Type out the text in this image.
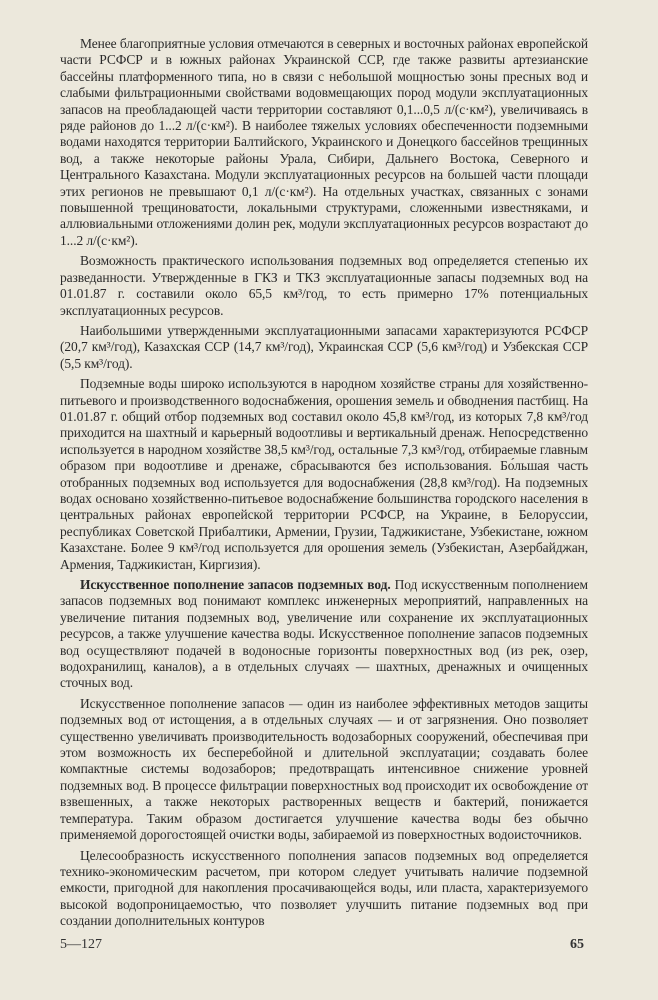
Менее благоприятные условия отмечаются в северных и восточных районах европейской части РСФСР и в южных районах Украинской ССР, где также развиты артезианские бассейны платформенного типа, но в связи с небольшой мощностью зоны пресных вод и слабыми фильтрационными свойствами водовмещающих пород модули эксплуатационных запасов на преобладающей части территории составляют 0,1...0,5 л/(с·км²), увеличиваясь в ряде районов до 1...2 л/(с·км²). В наиболее тяжелых условиях обеспеченности подземными водами находятся территории Балтийского, Украинского и Донецкого бассейнов трещинных вод, а также некоторые районы Урала, Сибири, Дальнего Востока, Северного и Центрального Казахстана. Модули эксплуатационных ресурсов на большей части площади этих регионов не превышают 0,1 л/(с·км²). На отдельных участках, связанных с зонами повышенной трещиноватости, локальными структурами, сложенными известняками, и аллювиальными отложениями долин рек, модули эксплуатационных ресурсов возрастают до 1...2 л/(с·км²).

Возможность практического использования подземных вод определяется степенью их разведанности. Утвержденные в ГКЗ и ТКЗ эксплуатационные запасы подземных вод на 01.01.87 г. составили около 65,5 км³/год, то есть примерно 17% потенциальных эксплуатационных ресурсов.

Наибольшими утвержденными эксплуатационными запасами характеризуются РСФСР (20,7 км³/год), Казахская ССР (14,7 км³/год), Украинская ССР (5,6 км³/год) и Узбекская ССР (5,5 км³/год).

Подземные воды широко используются в народном хозяйстве страны для хозяйственно-питьевого и производственного водоснабжения, орошения земель и обводнения пастбищ. На 01.01.87 г. общий отбор подземных вод составил около 45,8 км³/год, из которых 7,8 км³/год приходится на шахтный и карьерный водоотливы и вертикальный дренаж. Непосредственно используется в народном хозяйстве 38,5 км³/год, остальные 7,3 км³/год, отбираемые главным образом при водоотливе и дренаже, сбрасываются без использования. Бо́льшая часть отобранных подземных вод используется для водоснабжения (28,8 км³/год). На подземных водах основано хозяйственно-питьевое водоснабжение большинства городского населения в центральных районах европейской территории РСФСР, на Украине, в Белоруссии, республиках Советской Прибалтики, Армении, Грузии, Таджикистане, Узбекистане, южном Казахстане. Более 9 км³/год используется для орошения земель (Узбекистан, Азербайджан, Армения, Таджикистан, Киргизия).

Искусственное пополнение запасов подземных вод. Под искусственным пополнением запасов подземных вод понимают комплекс инженерных мероприятий, направленных на увеличение питания подземных вод, увеличение или сохранение их эксплуатационных ресурсов, а также улучшение качества воды. Искусственное пополнение запасов подземных вод осуществляют подачей в водоносные горизонты поверхностных вод (из рек, озер, водохранилищ, каналов), а в отдельных случаях — шахтных, дренажных и очищенных сточных вод.

Искусственное пополнение запасов — один из наиболее эффективных методов защиты подземных вод от истощения, а в отдельных случаях — и от загрязнения. Оно позволяет существенно увеличивать производительность водозаборных сооружений, обеспечивая при этом возможность их бесперебойной и длительной эксплуатации; создавать более компактные системы водозаборов; предотвращать интенсивное снижение уровней подземных вод. В процессе фильтрации поверхностных вод происходит их освобождение от взвешенных, а также некоторых растворенных веществ и бактерий, понижается температура. Таким образом достигается улучшение качества воды без обычно применяемой дорогостоящей очистки воды, забираемой из поверхностных водоисточников.

Целесообразность искусственного пополнения запасов подземных вод определяется технико-экономическим расчетом, при котором следует учитывать наличие подземной емкости, пригодной для накопления просачивающейся воды, или пласта, характеризуемого высокой водопроницаемостью, что позволяет улучшить питание подземных вод при создании дополнительных контуров

5—127	65
